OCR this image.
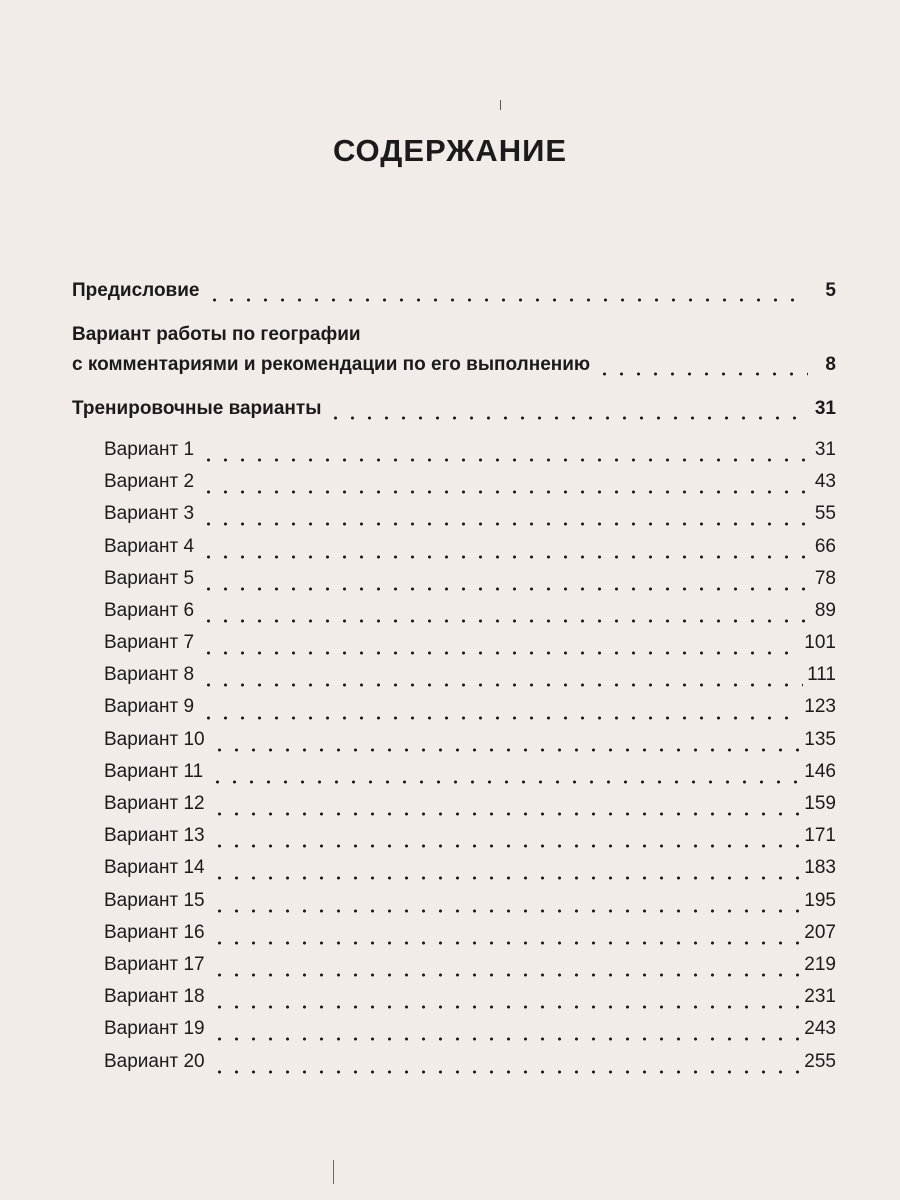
СОДЕРЖАНИЕ
Предисловие	5
Вариант работы по географии
с комментариями и рекомендации по его выполнению	8
Тренировочные варианты	31
Вариант 1	31
Вариант 2	43
Вариант 3	55
Вариант 4	66
Вариант 5	78
Вариант 6	89
Вариант 7	101
Вариант 8	111
Вариант 9	123
Вариант 10	135
Вариант 11	146
Вариант 12	159
Вариант 13	171
Вариант 14	183
Вариант 15	195
Вариант 16	207
Вариант 17	219
Вариант 18	231
Вариант 19	243
Вариант 20	255
